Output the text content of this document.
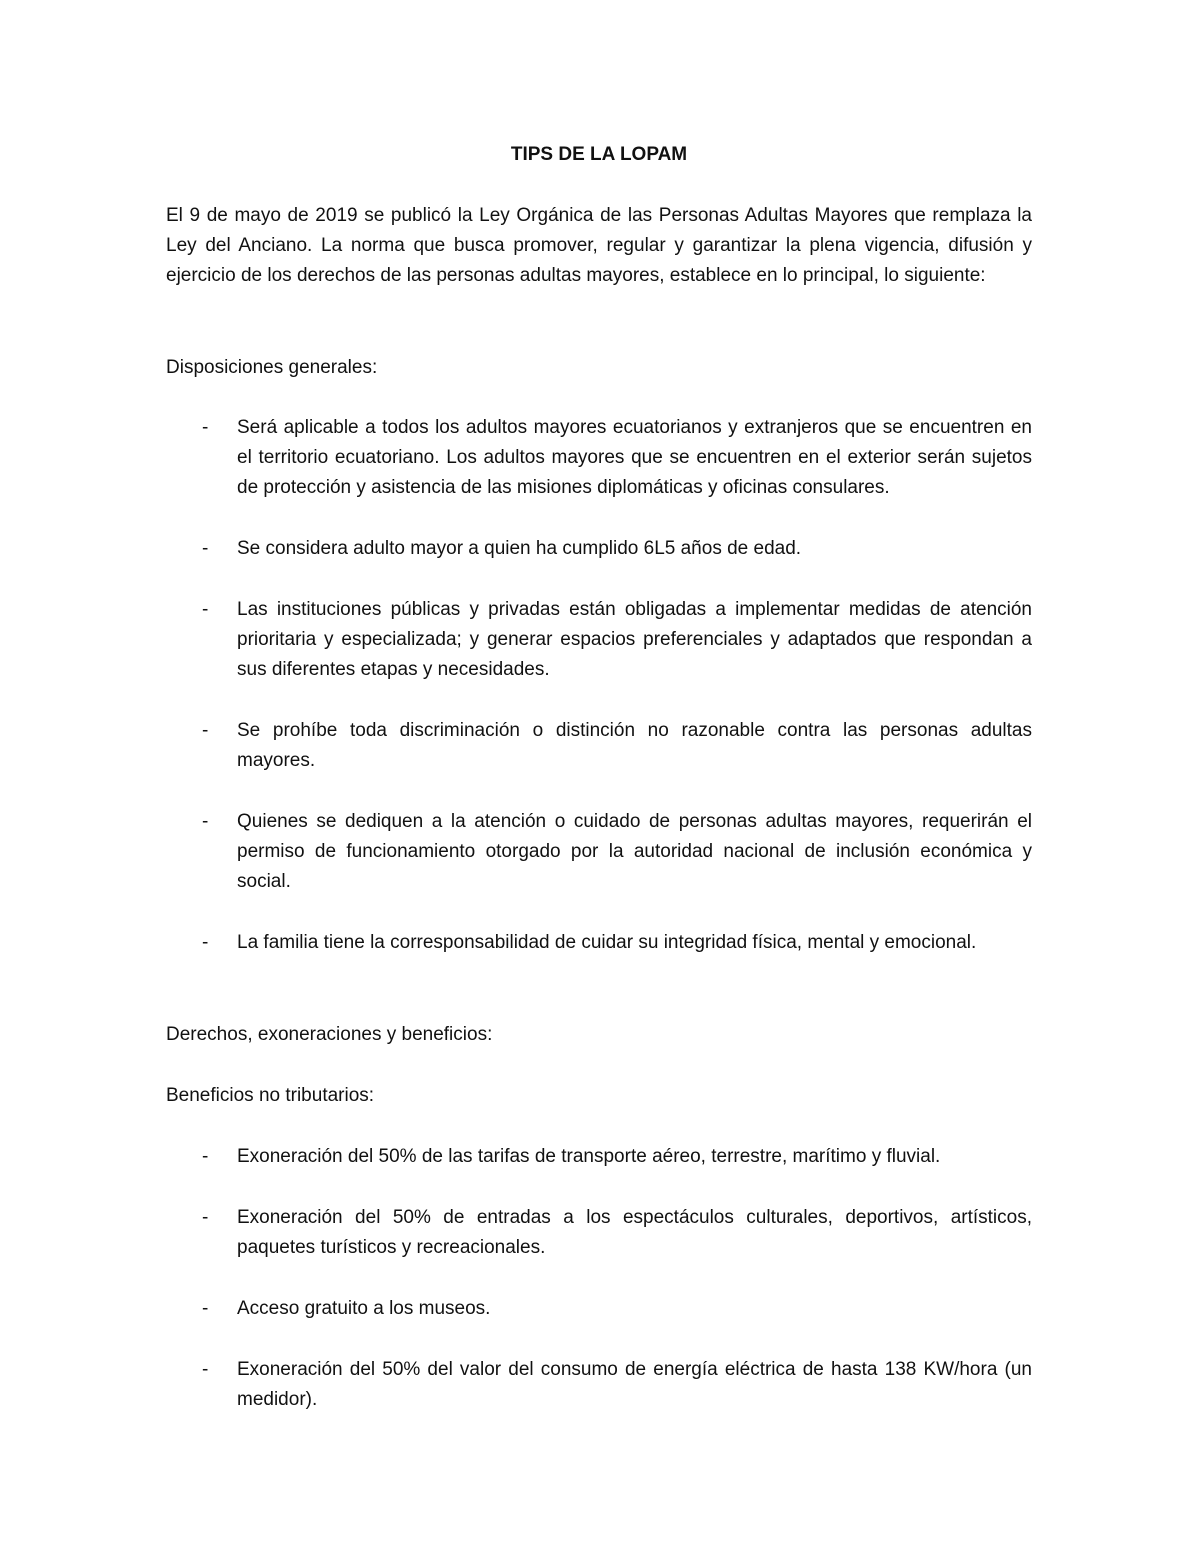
TIPS DE LA LOPAM

El 9 de mayo de 2019 se publicó la Ley Orgánica de las Personas Adultas Mayores que remplaza la Ley del Anciano. La norma que busca promover, regular y garantizar la plena vigencia, difusión y ejercicio de los derechos de las personas adultas mayores, establece en lo principal, lo siguiente:

Disposiciones generales:

- Será aplicable a todos los adultos mayores ecuatorianos y extranjeros que se encuentren en el territorio ecuatoriano. Los adultos mayores que se encuentren en el exterior serán sujetos de protección y asistencia de las misiones diplomáticas y oficinas consulares.
- Se considera adulto mayor a quien ha cumplido 6L5 años de edad.
- Las instituciones públicas y privadas están obligadas a implementar medidas de atención prioritaria y especializada; y generar espacios preferenciales y adaptados que respondan a sus diferentes etapas y necesidades.
- Se prohíbe toda discriminación o distinción no razonable contra las personas adultas mayores.
- Quienes se dediquen a la atención o cuidado de personas adultas mayores, requerirán el permiso de funcionamiento otorgado por la autoridad nacional de inclusión económica y social.
- La familia tiene la corresponsabilidad de cuidar su integridad física, mental y emocional.

Derechos, exoneraciones y beneficios:

Beneficios no tributarios:

- Exoneración del 50% de las tarifas de transporte aéreo, terrestre, marítimo y fluvial.
- Exoneración del 50% de entradas a los espectáculos culturales, deportivos, artísticos, paquetes turísticos y recreacionales.
- Acceso gratuito a los museos.
- Exoneración del 50% del valor del consumo de energía eléctrica de hasta 138 KW/hora (un medidor).
